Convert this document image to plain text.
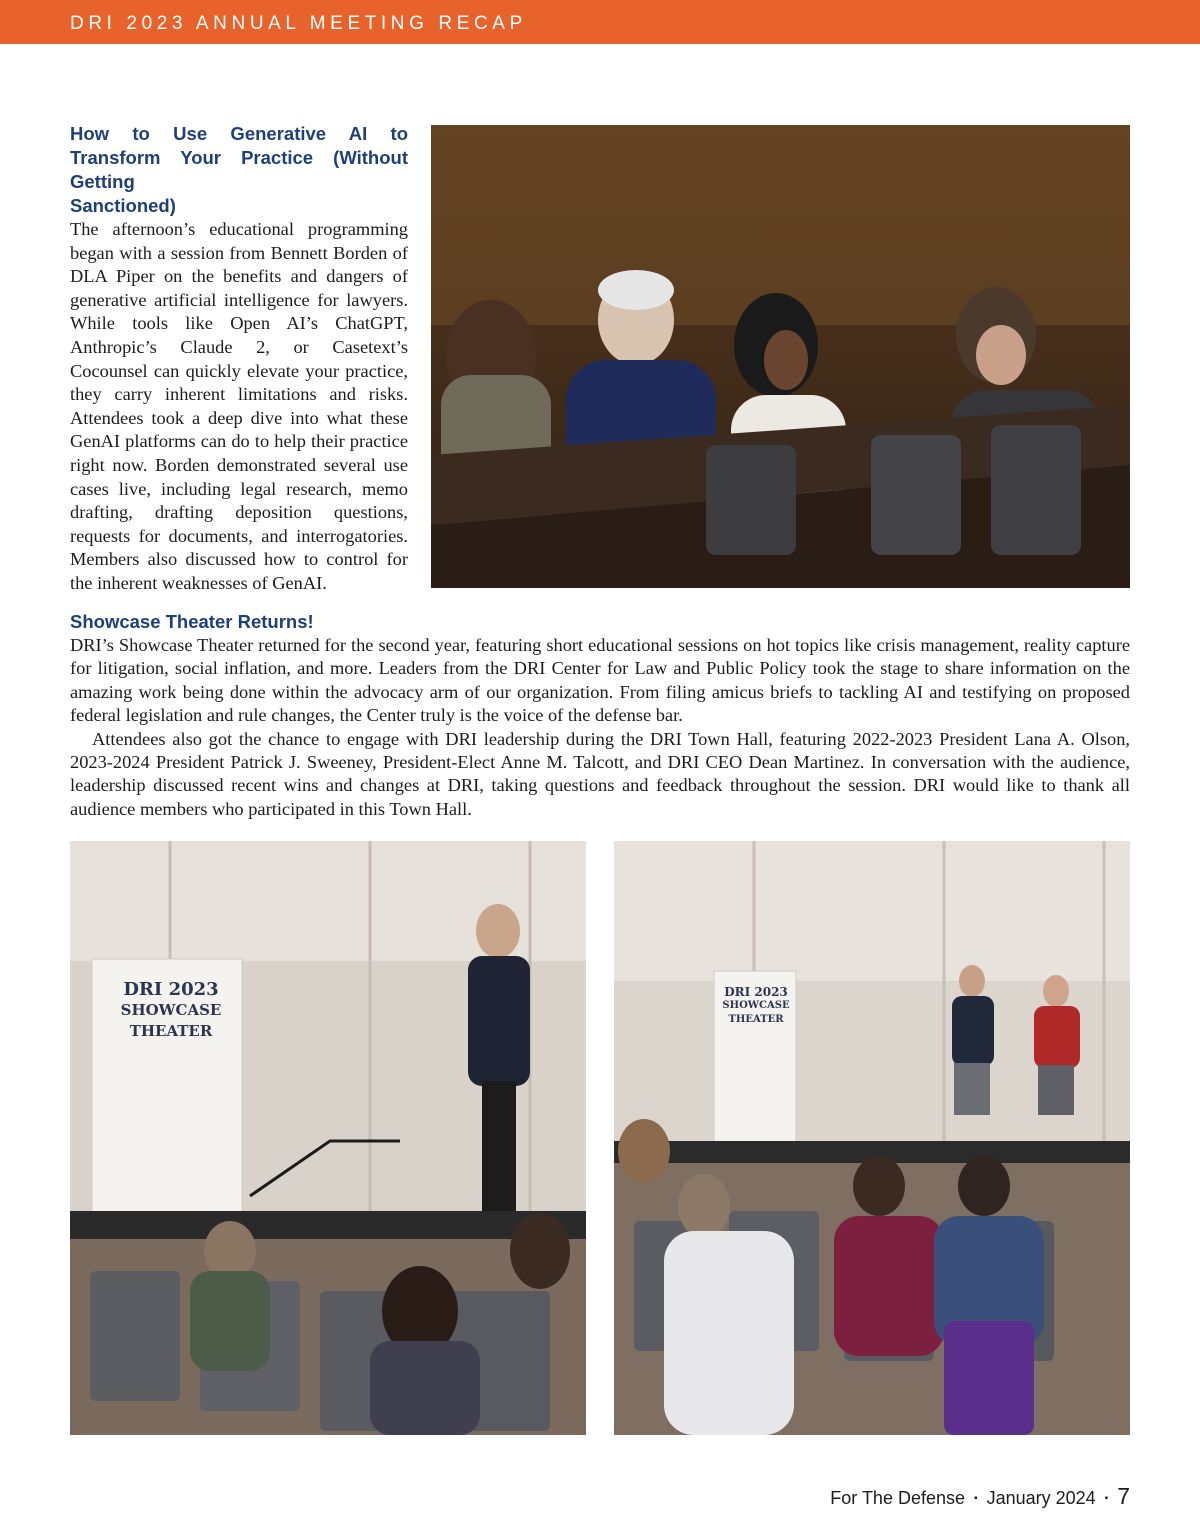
DRI 2023 ANNUAL MEETING RECAP
How to Use Generative AI to Transform Your Practice (Without Getting
Sanctioned)

The afternoon’s educational programming began with a session from Bennett Borden of DLA Piper on the benefits and dangers of generative artificial intelligence for lawyers. While tools like Open AI’s ChatGPT, Anthropic’s Claude 2, or Casetext’s Cocounsel can quickly elevate your practice, they carry inherent limitations and risks. Attendees took a deep dive into what these GenAI platforms can do to help their practice right now. Borden demonstrated several use cases live, including legal research, memo drafting, drafting deposition questions, requests for documents, and interrogatories. Members also discussed how to control for the inherent weaknesses of GenAI.

Showcase Theater Returns!

DRI’s Showcase Theater returned for the second year, featuring short educational sessions on hot topics like crisis management, reality capture for litigation, social inflation, and more. Leaders from the DRI Center for Law and Public Policy took the stage to share information on the amazing work being done within the advocacy arm of our organization. From filing amicus briefs to tackling AI and testifying on proposed federal legislation and rule changes, the Center truly is the voice of the defense bar.

Attendees also got the chance to engage with DRI leadership during the DRI Town Hall, featuring 2022-2023 President Lana A. Olson, 2023-2024 President Patrick J. Sweeney, President-Elect Anne M. Talcott, and DRI CEO Dean Martinez. In conversation with the audience, leadership discussed recent wins and changes at DRI, taking questions and feedback throughout the session. DRI would like to thank all audience members who participated in this Town Hall.

DRI 2023
SHOWCASE
THEATER
DRI 2023
SHOWCASE
THEATER
For The Defense ▪ January 2024 ▪ 7
